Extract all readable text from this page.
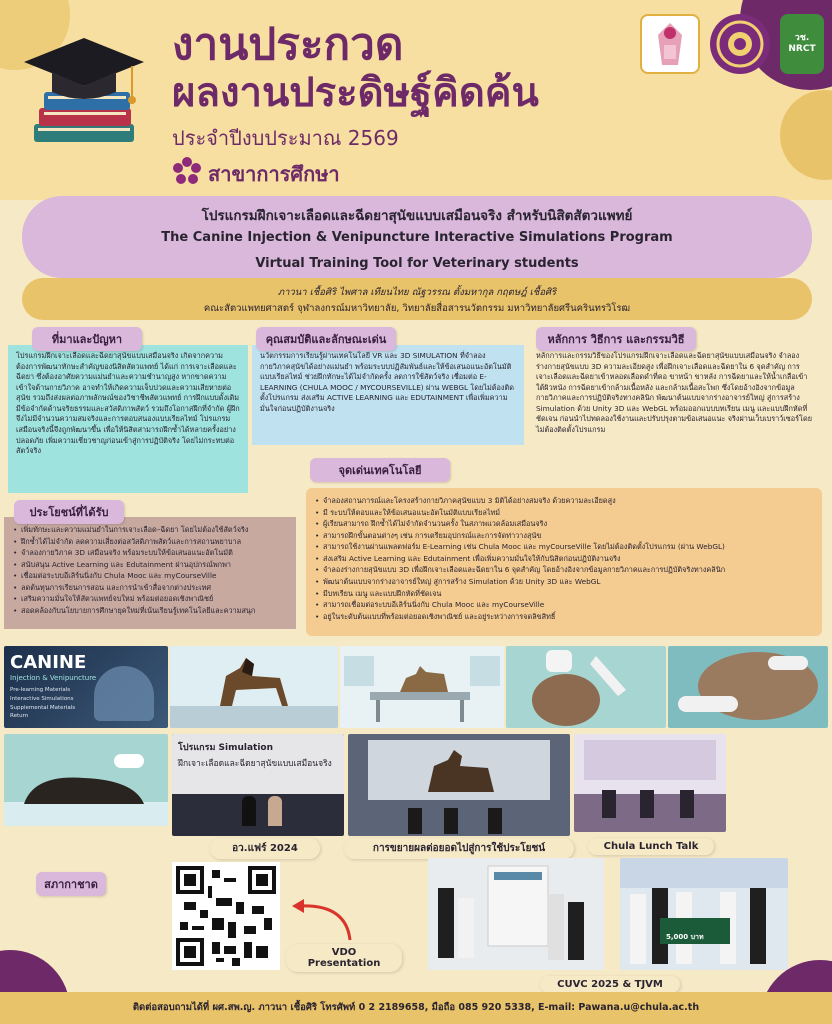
งานประกวด
ผลงานประดิษฐ์คิดค้น
ประจำปีงบประมาณ 2569
สาขาการศึกษา
วช. NRCT
โปรแกรมฝึกเจาะเลือดและฉีดยาสุนัขแบบเสมือนจริง สำหรับนิสิตสัตวแพทย์
The Canine Injection & Venipuncture Interactive Simulations Program
Virtual Training Tool for Veterinary students
ภาวนา เชื้อศิริ ไพศาล เทียนไทย ณัฐวรรณ ตั้งมหากุล กฤตษฎ์ เชื้อศิริ
คณะสัตวแพทยศาสตร์ จุฬาลงกรณ์มหาวิทยาลัย, วิทยาลัยสื่อสารนวัตกรรม มหาวิทยาลัยศรีนครินทรวิโรฒ
โปรแกรมฝึกเจาะเลือดและฉีดยาสุนัขแบบเสมือนจริง เกิดจากความต้องการพัฒนาทักษะสำคัญของนิสิตสัตวแพทย์ ได้แก่ การเจาะเลือดและฉีดยา ซึ่งต้องอาศัยความแม่นยำและความชำนาญสูง หากขาดความเข้าใจด้านกายวิภาค อาจทำให้เกิดความเจ็บปวดและความเสียหายต่อสุนัข รวมถึงส่งผลต่อภาพลักษณ์ของวิชาชีพสัตวแพทย์ การฝึกแบบดั้งเดิมมีข้อจำกัดด้านจริยธรรมและสวัสดิภาพสัตว์ รวมถึงโอกาสฝึกที่จำกัด ผู้ฝึกจึงไม่มีจำนวนความสมจริงและการตอบสนองแบบเรียลไทม์ โปรแกรมเสมือนจริงนี้จึงถูกพัฒนาขึ้น เพื่อให้นิสิตสามารถฝึกซ้ำได้หลายครั้งอย่างปลอดภัย เพิ่มความเชี่ยวชาญก่อนเข้าสู่การปฏิบัติจริง โดยไม่กระทบต่อสัตว์จริง
ที่มาและปัญหา
นวัตกรรมการเรียนรู้ผ่านเทคโนโลยี VR และ 3D SIMULATION ที่จำลองกายวิภาคสุนัขได้อย่างแม่นยำ พร้อมระบบปฏิสัมพันธ์และให้ข้อเสนอแนะอัตโนมัติแบบเรียลไทม์ ช่วยฝึกทักษะได้ไม่จำกัดครั้ง ลดการใช้สัตว์จริง เชื่อมต่อ E-LEARNING (CHULA MOOC / MYCOURSEVILLE) ผ่าน WEBGL โดยไม่ต้องติดตั้งโปรแกรม ส่งเสริม ACTIVE LEARNING และ EDUTAINMENT เพื่อเพิ่มความมั่นใจก่อนปฏิบัติงานจริง
คุณสมบัติและลักษณะเด่น
หลักการและกรรมวิธีของโปรแกรมฝึกเจาะเลือดและฉีดยาสุนัขแบบเสมือนจริง จำลองร่างกายสุนัขแบบ 3D ความละเอียดสูง เพื่อฝึกเจาะเลือดและฉีดยาใน 6 จุดสำคัญ การเจาะเลือดและฉีดยาเข้าหลอดเลือดดำที่คอ ขาหน้า ขาหลัง การฉีดยาและให้น้ำเกลือเข้าใต้ผิวหนัง การฉีดยาเข้ากล้ามเนื้อหลัง และกล้ามเนื้อสะโพก ซึ่งโดยอ้างอิงจากข้อมูลกายวิภาคและการปฏิบัติจริงทางคลินิก พัฒนาต้นแบบจากร่างอาจารย์ใหญ่ สู่การสร้าง Simulation ด้วย Unity 3D และ WebGL พร้อมออกแบบบทเรียน เมนู และแบบฝึกหัดที่ชัดเจน ก่อนนำไปทดลองใช้งานและปรับปรุงตามข้อเสนอแนะ จริงผ่านเว็บเบราว์เซอร์โดยไม่ต้องติดตั้งโปรแกรม
หลักการ วิธีการ และกรรมวิธี
• เพิ่มทักษะและความแม่นยำในการเจาะเลือด–ฉีดยา โดยไม่ต้องใช้สัตว์จริง
• ฝึกซ้ำได้ไม่จำกัด ลดความเสี่ยงต่อสวัสดิภาพสัตว์และการสถานพยาบาล
• จำลองกายวิภาค 3D เสมือนจริง พร้อมระบบให้ข้อเสนอแนะอัตโนมัติ
• สนับสนุน Active Learning และ Edutainment ผ่านอุปกรณ์พกพา
• เชื่อมต่อระบบอีเลิร์นนิ่งกับ Chula Mooc และ myCourseVille
• ลดต้นทุนการเรียนการสอน และการนำเข้าสื่อจากต่างประเทศ
• เสริมความมั่นใจให้สัตวแพทย์จบใหม่ พร้อมต่อยอดเชิงพาณิชย์
• สอดคล้องกับนโยบายการศึกษายุคใหม่ที่เน้นเรียนรู้เทคโนโลยีและความสนุก
ประโยชน์ที่ได้รับ
• จำลองสถานการณ์และโครงสร้างกายวิภาคสุนัขแบบ 3 มิติได้อย่างสมจริง ด้วยความละเอียดสูง
• มี ระบบให้ตอบและให้ข้อเสนอแนะอัตโนมัติแบบเรียลไทม์
• ผู้เรียนสามารถ ฝึกซ้ำได้ไม่จำกัดจำนวนครั้ง ในสภาพแวดล้อมเสมือนจริง
• สามารถฝึกขั้นตอนต่างๆ เช่น การเตรียมอุปกรณ์และการจัดท่าวางสุนัข
• สามารถใช้งานผ่านแพลตฟอร์ม E-Learning เช่น Chula Mooc และ myCourseVille โดยไม่ต้องติดตั้งโปรแกรม (ผ่าน WebGL)
• ส่งเสริม Active Learning และ Edutainment เพื่อเพิ่มความมั่นใจให้กับนิสิตก่อนปฏิบัติงานจริง
• จำลองร่างกายสุนัขแบบ 3D เพื่อฝึกเจาะเลือดและฉีดยาใน 6 จุดสำคัญ โดยอ้างอิงจากข้อมูลกายวิภาคและการปฏิบัติจริงทางคลินิก
• พัฒนาต้นแบบจากร่างอาจารย์ใหญ่ สู่การสร้าง Simulation ด้วย Unity 3D และ WebGL
• มีบทเรียน เมนู และแบบฝึกหัดที่ชัดเจน
• สามารถเชื่อมต่อระบบอีเลิร์นนิ่งกับ Chula Mooc และ myCourseVille
• อยู่ในระดับต้นแบบที่พร้อมต่อยอดเชิงพาณิชย์ และอยู่ระหว่างการจดลิขสิทธิ์
จุดเด่นเทคโนโลยี
CANINE
Injection & Venipuncture
Pre-learning Materials
Interactive Simulations
Supplemental Materials
Return
โปรแกรม Simulation
ฝึกเจาะเลือดและฉีดยาสุนัขแบบเสมือนจริง
อว.แฟร์ 2024	การขยายผลต่อยอดไปสู่การใช้ประโยชน์	Chula Lunch Talk
สภากาชาด
VDO Presentation
5,000 บาท
CUVC 2025 & TJVM
ติดต่อสอบถามได้ที่ ผศ.สพ.ญ. ภาวนา เชื้อศิริ โทรศัพท์ 0 2 2189658, มือถือ 085 920 5338, E-mail: Pawana.u@chula.ac.th
